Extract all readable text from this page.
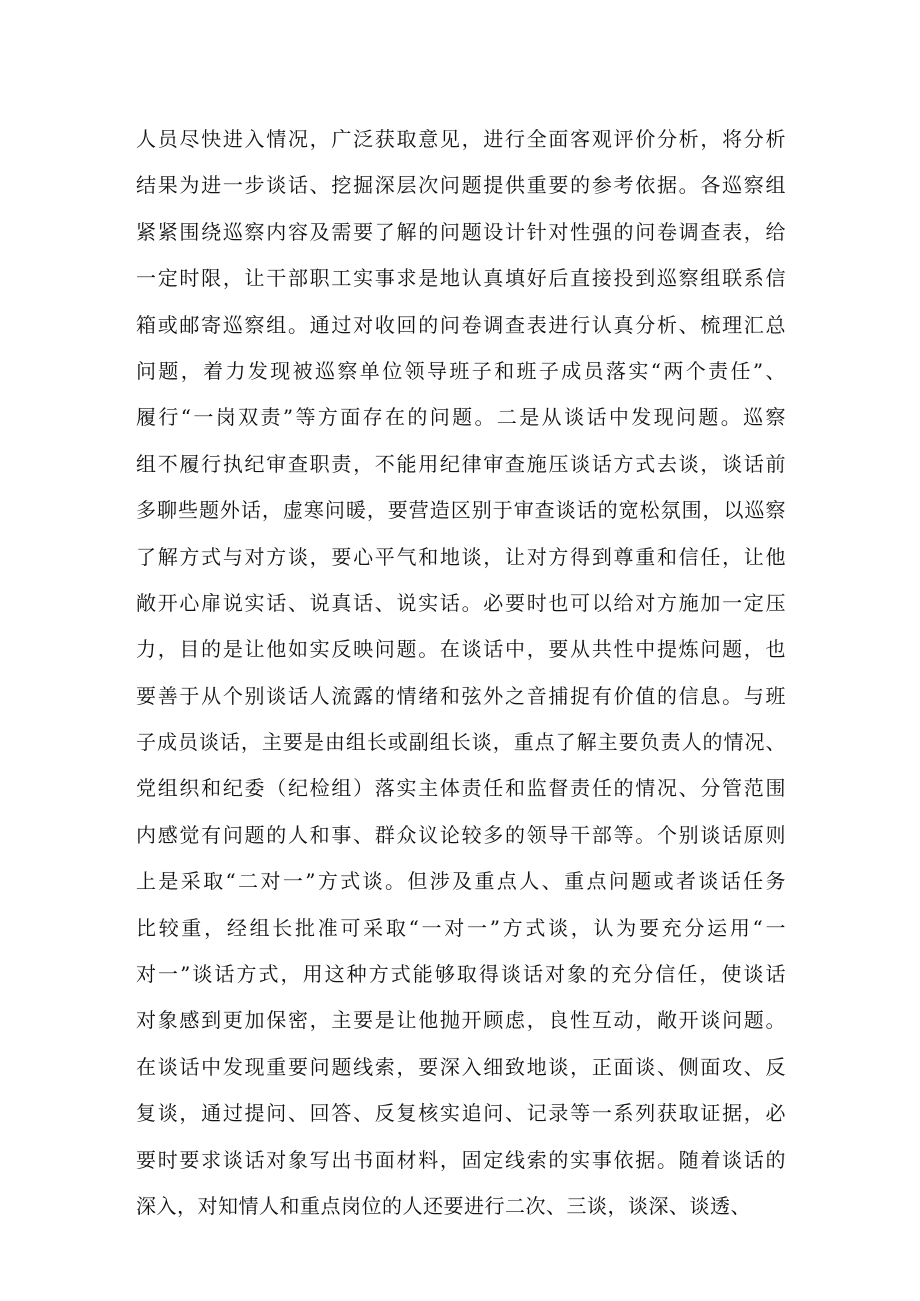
人员尽快进入情况，广泛获取意见，进行全面客观评价分析，将分析
结果为进一步谈话、挖掘深层次问题提供重要的参考依据。各巡察组
紧紧围绕巡察内容及需要了解的问题设计针对性强的问卷调查表，给
一定时限，让干部职工实事求是地认真填好后直接投到巡察组联系信
箱或邮寄巡察组。通过对收回的问卷调查表进行认真分析、梳理汇总
问题，着力发现被巡察单位领导班子和班子成员落实“两个责任”、
履行“一岗双责”等方面存在的问题。二是从谈话中发现问题。巡察
组不履行执纪审查职责，不能用纪律审查施压谈话方式去谈，谈话前
多聊些题外话，虚寒问暖，要营造区别于审查谈话的宽松氛围，以巡察
了解方式与对方谈，要心平气和地谈，让对方得到尊重和信任，让他
敞开心扉说实话、说真话、说实话。必要时也可以给对方施加一定压
力，目的是让他如实反映问题。在谈话中，要从共性中提炼问题，也
要善于从个别谈话人流露的情绪和弦外之音捕捉有价值的信息。与班
子成员谈话，主要是由组长或副组长谈，重点了解主要负责人的情况、
党组织和纪委（纪检组）落实主体责任和监督责任的情况、分管范围
内感觉有问题的人和事、群众议论较多的领导干部等。个别谈话原则
上是采取“二对一”方式谈。但涉及重点人、重点问题或者谈话任务
比较重，经组长批准可采取“一对一”方式谈，认为要充分运用“一
对一”谈话方式，用这种方式能够取得谈话对象的充分信任，使谈话
对象感到更加保密，主要是让他抛开顾虑，良性互动，敞开谈问题。
在谈话中发现重要问题线索，要深入细致地谈，正面谈、侧面攻、反
复谈，通过提问、回答、反复核实追问、记录等一系列获取证据，必
要时要求谈话对象写出书面材料，固定线索的实事依据。随着谈话的
深入，对知情人和重点岗位的人还要进行二次、三谈，谈深、谈透、
